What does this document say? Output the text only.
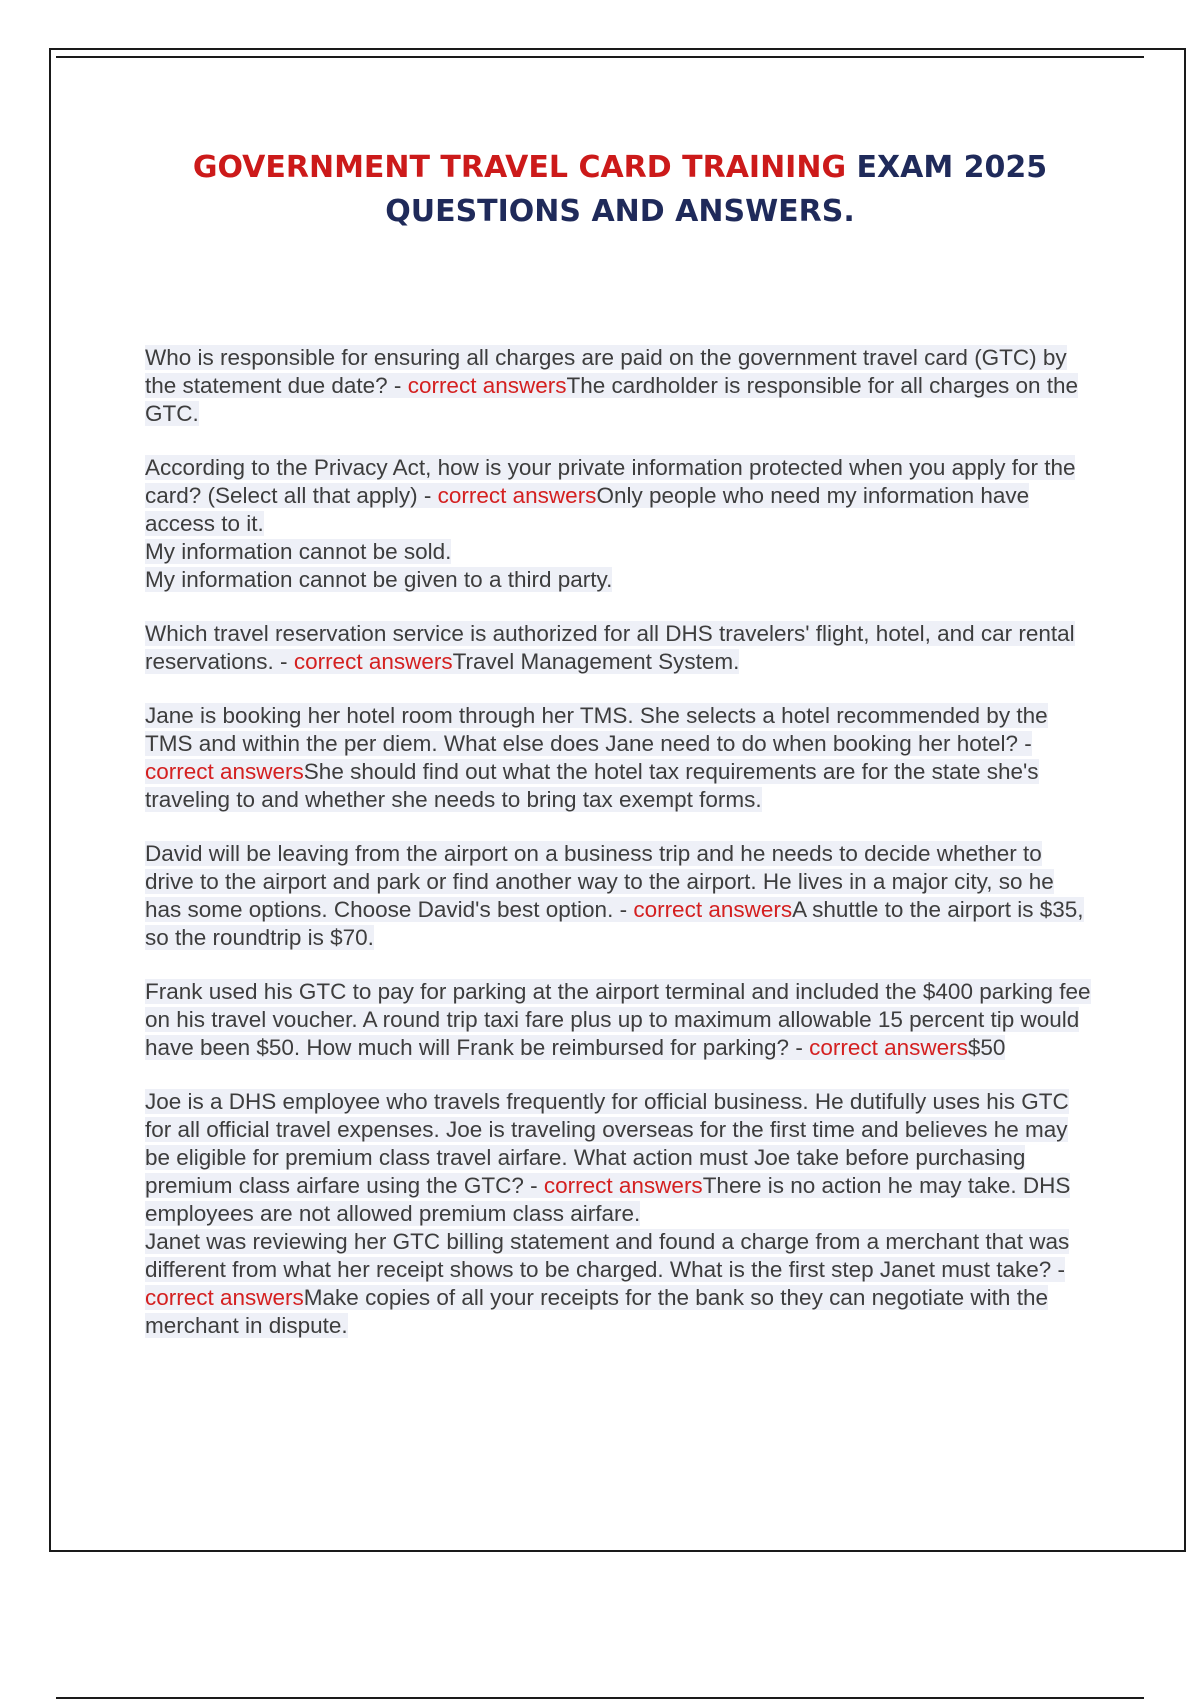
GOVERNMENT TRAVEL CARD TRAINING EXAM 2025
QUESTIONS AND ANSWERS.

Who is responsible for ensuring all charges are paid on the government travel card (GTC) by the statement due date? - correct answersThe cardholder is responsible for all charges on the GTC.

According to the Privacy Act, how is your private information protected when you apply for the card? (Select all that apply) - correct answersOnly people who need my information have access to it.
My information cannot be sold.
My information cannot be given to a third party.

Which travel reservation service is authorized for all DHS travelers' flight, hotel, and car rental reservations. - correct answersTravel Management System.

Jane is booking her hotel room through her TMS. She selects a hotel recommended by the TMS and within the per diem. What else does Jane need to do when booking her hotel? - correct answersShe should find out what the hotel tax requirements are for the state she's traveling to and whether she needs to bring tax exempt forms.

David will be leaving from the airport on a business trip and he needs to decide whether to drive to the airport and park or find another way to the airport. He lives in a major city, so he has some options. Choose David's best option. - correct answersA shuttle to the airport is $35, so the roundtrip is $70.

Frank used his GTC to pay for parking at the airport terminal and included the $400 parking fee on his travel voucher. A round trip taxi fare plus up to maximum allowable 15 percent tip would have been $50. How much will Frank be reimbursed for parking? - correct answers$50

Joe is a DHS employee who travels frequently for official business. He dutifully uses his GTC for all official travel expenses. Joe is traveling overseas for the first time and believes he may be eligible for premium class travel airfare. What action must Joe take before purchasing premium class airfare using the GTC? - correct answersThere is no action he may take. DHS employees are not allowed premium class airfare.

Janet was reviewing her GTC billing statement and found a charge from a merchant that was different from what her receipt shows to be charged. What is the first step Janet must take? - correct answersMake copies of all your receipts for the bank so they can negotiate with the merchant in dispute.
